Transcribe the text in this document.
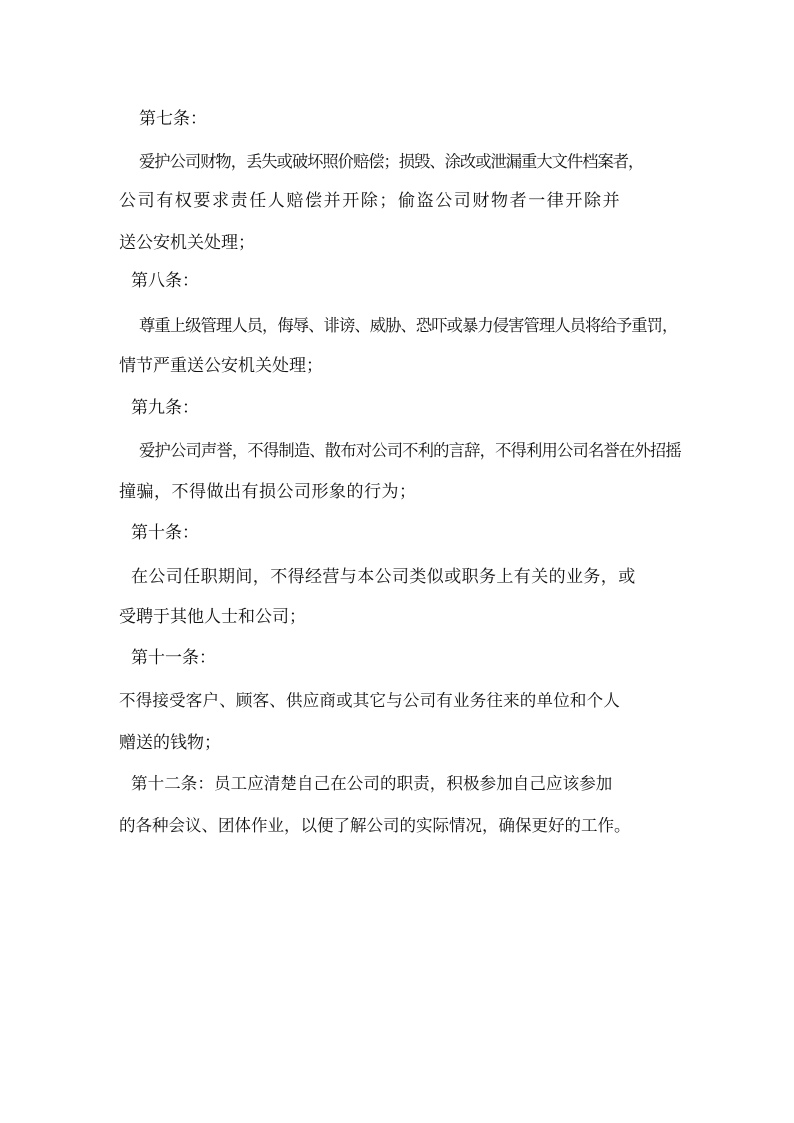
第七条：

爱护公司财物，丢失或破坏照价赔偿；损毁、涂改或泄漏重大文件档案者，

公司有权要求责任人赔偿并开除；偷盗公司财物者一律开除并

送公安机关处理；

第八条：

尊重上级管理人员，侮辱、诽谤、威胁、恐吓或暴力侵害管理人员将给予重罚，

情节严重送公安机关处理；

第九条：

爱护公司声誉，不得制造、散布对公司不利的言辞，不得利用公司名誉在外招摇

撞骗，不得做出有损公司形象的行为；

第十条：

在公司任职期间，不得经营与本公司类似或职务上有关的业务，或

受聘于其他人士和公司；

第十一条：

不得接受客户、顾客、供应商或其它与公司有业务往来的单位和个人

赠送的钱物；

第十二条：员工应清楚自己在公司的职责，积极参加自己应该参加

的各种会议、团体作业，以便了解公司的实际情况，确保更好的工作。
